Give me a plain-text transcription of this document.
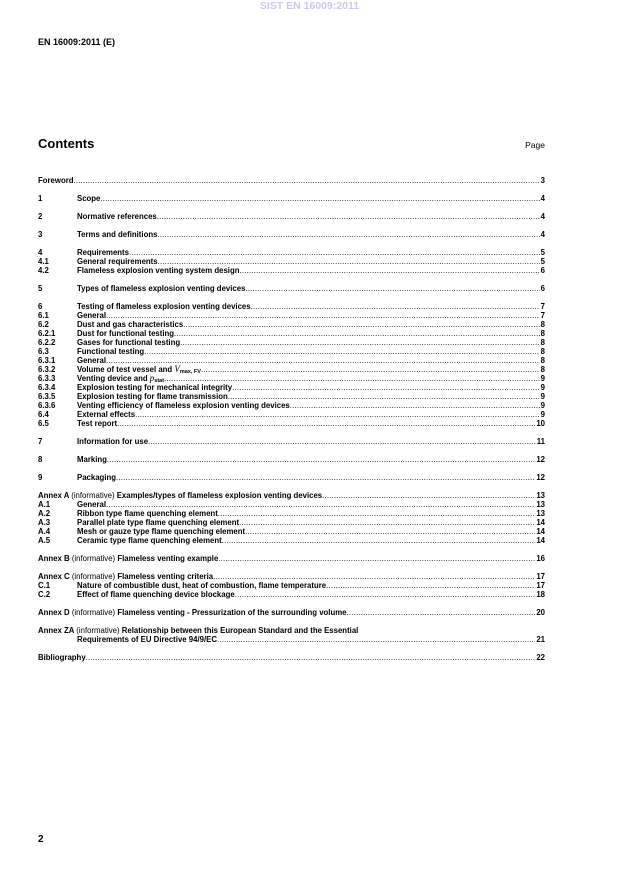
SIST EN 16009:2011
EN 16009:2011 (E)
Contents	Page
Foreword .....	3
1	Scope .....	4
2	Normative references .....	4
3	Terms and definitions .....	4
4	Requirements .....	5
4.1	General requirements .....	5
4.2	Flameless explosion venting system design .....	6
5	Types of flameless explosion venting devices .....	6
6	Testing of flameless explosion venting devices .....	7
6.1	General .....	7
6.2	Dust and gas characteristics .....	8
6.2.1	Dust for functional testing .....	8
6.2.2	Gases for functional testing .....	8
6.3	Functional testing .....	8
6.3.1	General .....	8
6.3.2	Volume of test vessel and $V_{max, FV}$ .....	8
6.3.3	Venting device and $p_{stat}$ .....	9
6.3.4	Explosion testing for mechanical integrity .....	9
6.3.5	Explosion testing for flame transmission .....	9
6.3.6	Venting efficiency of flameless explosion venting devices .....	9
6.4	External effects .....	9
6.5	Test report .....	10
7	Information for use .....	11
8	Marking .....	12
9	Packaging .....	12
Annex A (informative) Examples/types of flameless explosion venting devices .....	13
A.1	General .....	13
A.2	Ribbon type flame quenching element .....	13
A.3	Parallel plate type flame quenching element .....	14
A.4	Mesh or gauze type flame quenching element .....	14
A.5	Ceramic type flame quenching element .....	14
Annex B (informative) Flameless venting example .....	16
Annex C (informative) Flameless venting criteria .....	17
C.1	Nature of combustible dust, heat of combustion, flame temperature .....	17
C.2	Effect of flame quenching device blockage .....	18
Annex D (informative) Flameless venting - Pressurization of the surrounding volume .....	20
Annex ZA (informative) Relationship between this European Standard and the Essential
Requirements of EU Directive 94/9/EC .....	21
Bibliography .....	22
2
